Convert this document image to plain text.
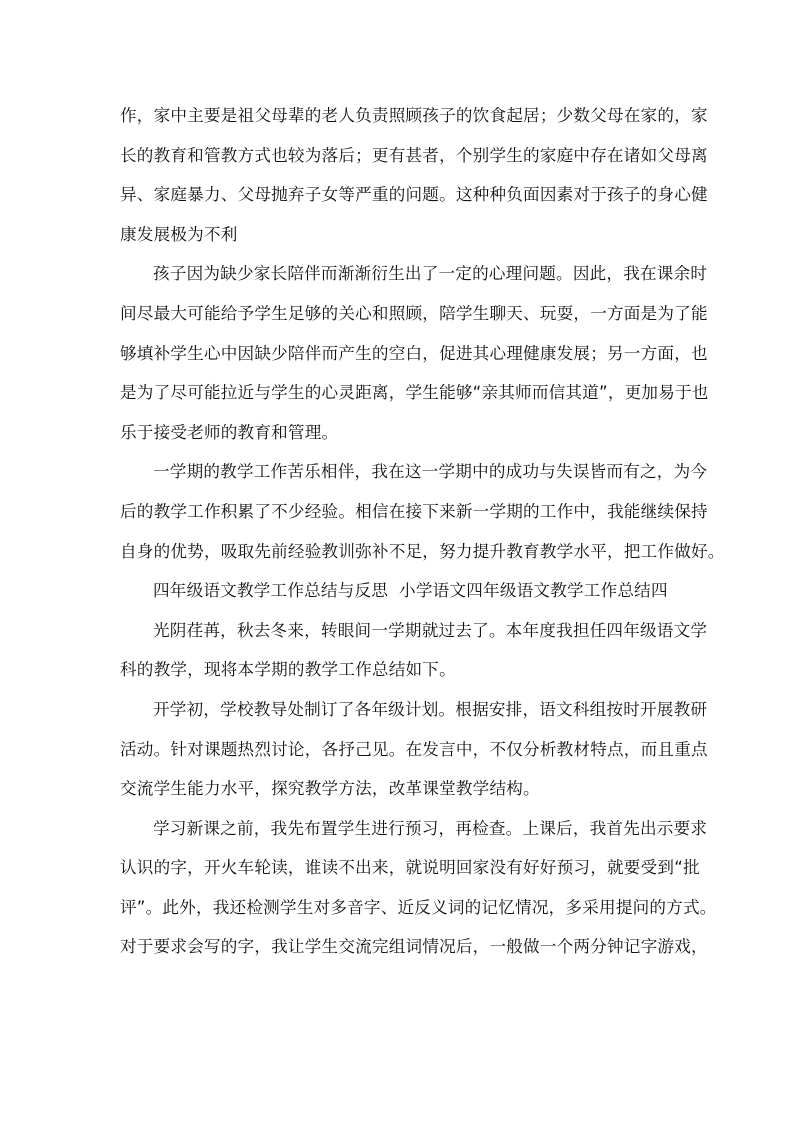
作，家中主要是祖父母辈的老人负责照顾孩子的饮食起居；少数父母在家的，家
长的教育和管教方式也较为落后；更有甚者，个别学生的家庭中存在诸如父母离
异、家庭暴力、父母抛弃子女等严重的问题。这种种负面因素对于孩子的身心健
康发展极为不利

孩子因为缺少家长陪伴而渐渐衍生出了一定的心理问题。因此，我在课余时
间尽最大可能给予学生足够的关心和照顾，陪学生聊天、玩耍，一方面是为了能
够填补学生心中因缺少陪伴而产生的空白，促进其心理健康发展；另一方面，也
是为了尽可能拉近与学生的心灵距离，学生能够“亲其师而信其道”，更加易于也
乐于接受老师的教育和管理。

一学期的教学工作苦乐相伴，我在这一学期中的成功与失误皆而有之，为今
后的教学工作积累了不少经验。相信在接下来新一学期的工作中，我能继续保持
自身的优势，吸取先前经验教训弥补不足，努力提升教育教学水平，把工作做好。

四年级语文教学工作总结与反思  小学语文四年级语文教学工作总结四

光阴荏苒，秋去冬来，转眼间一学期就过去了。本年度我担任四年级语文学
科的教学，现将本学期的教学工作总结如下。

开学初，学校教导处制订了各年级计划。根据安排，语文科组按时开展教研
活动。针对课题热烈讨论，各抒己见。在发言中，不仅分析教材特点，而且重点
交流学生能力水平，探究教学方法，改革课堂教学结构。

学习新课之前，我先布置学生进行预习，再检查。上课后，我首先出示要求
认识的字，开火车轮读，谁读不出来，就说明回家没有好好预习，就要受到“批
评”。此外，我还检测学生对多音字、近反义词的记忆情况，多采用提问的方式。
对于要求会写的字，我让学生交流完组词情况后，一般做一个两分钟记字游戏，
